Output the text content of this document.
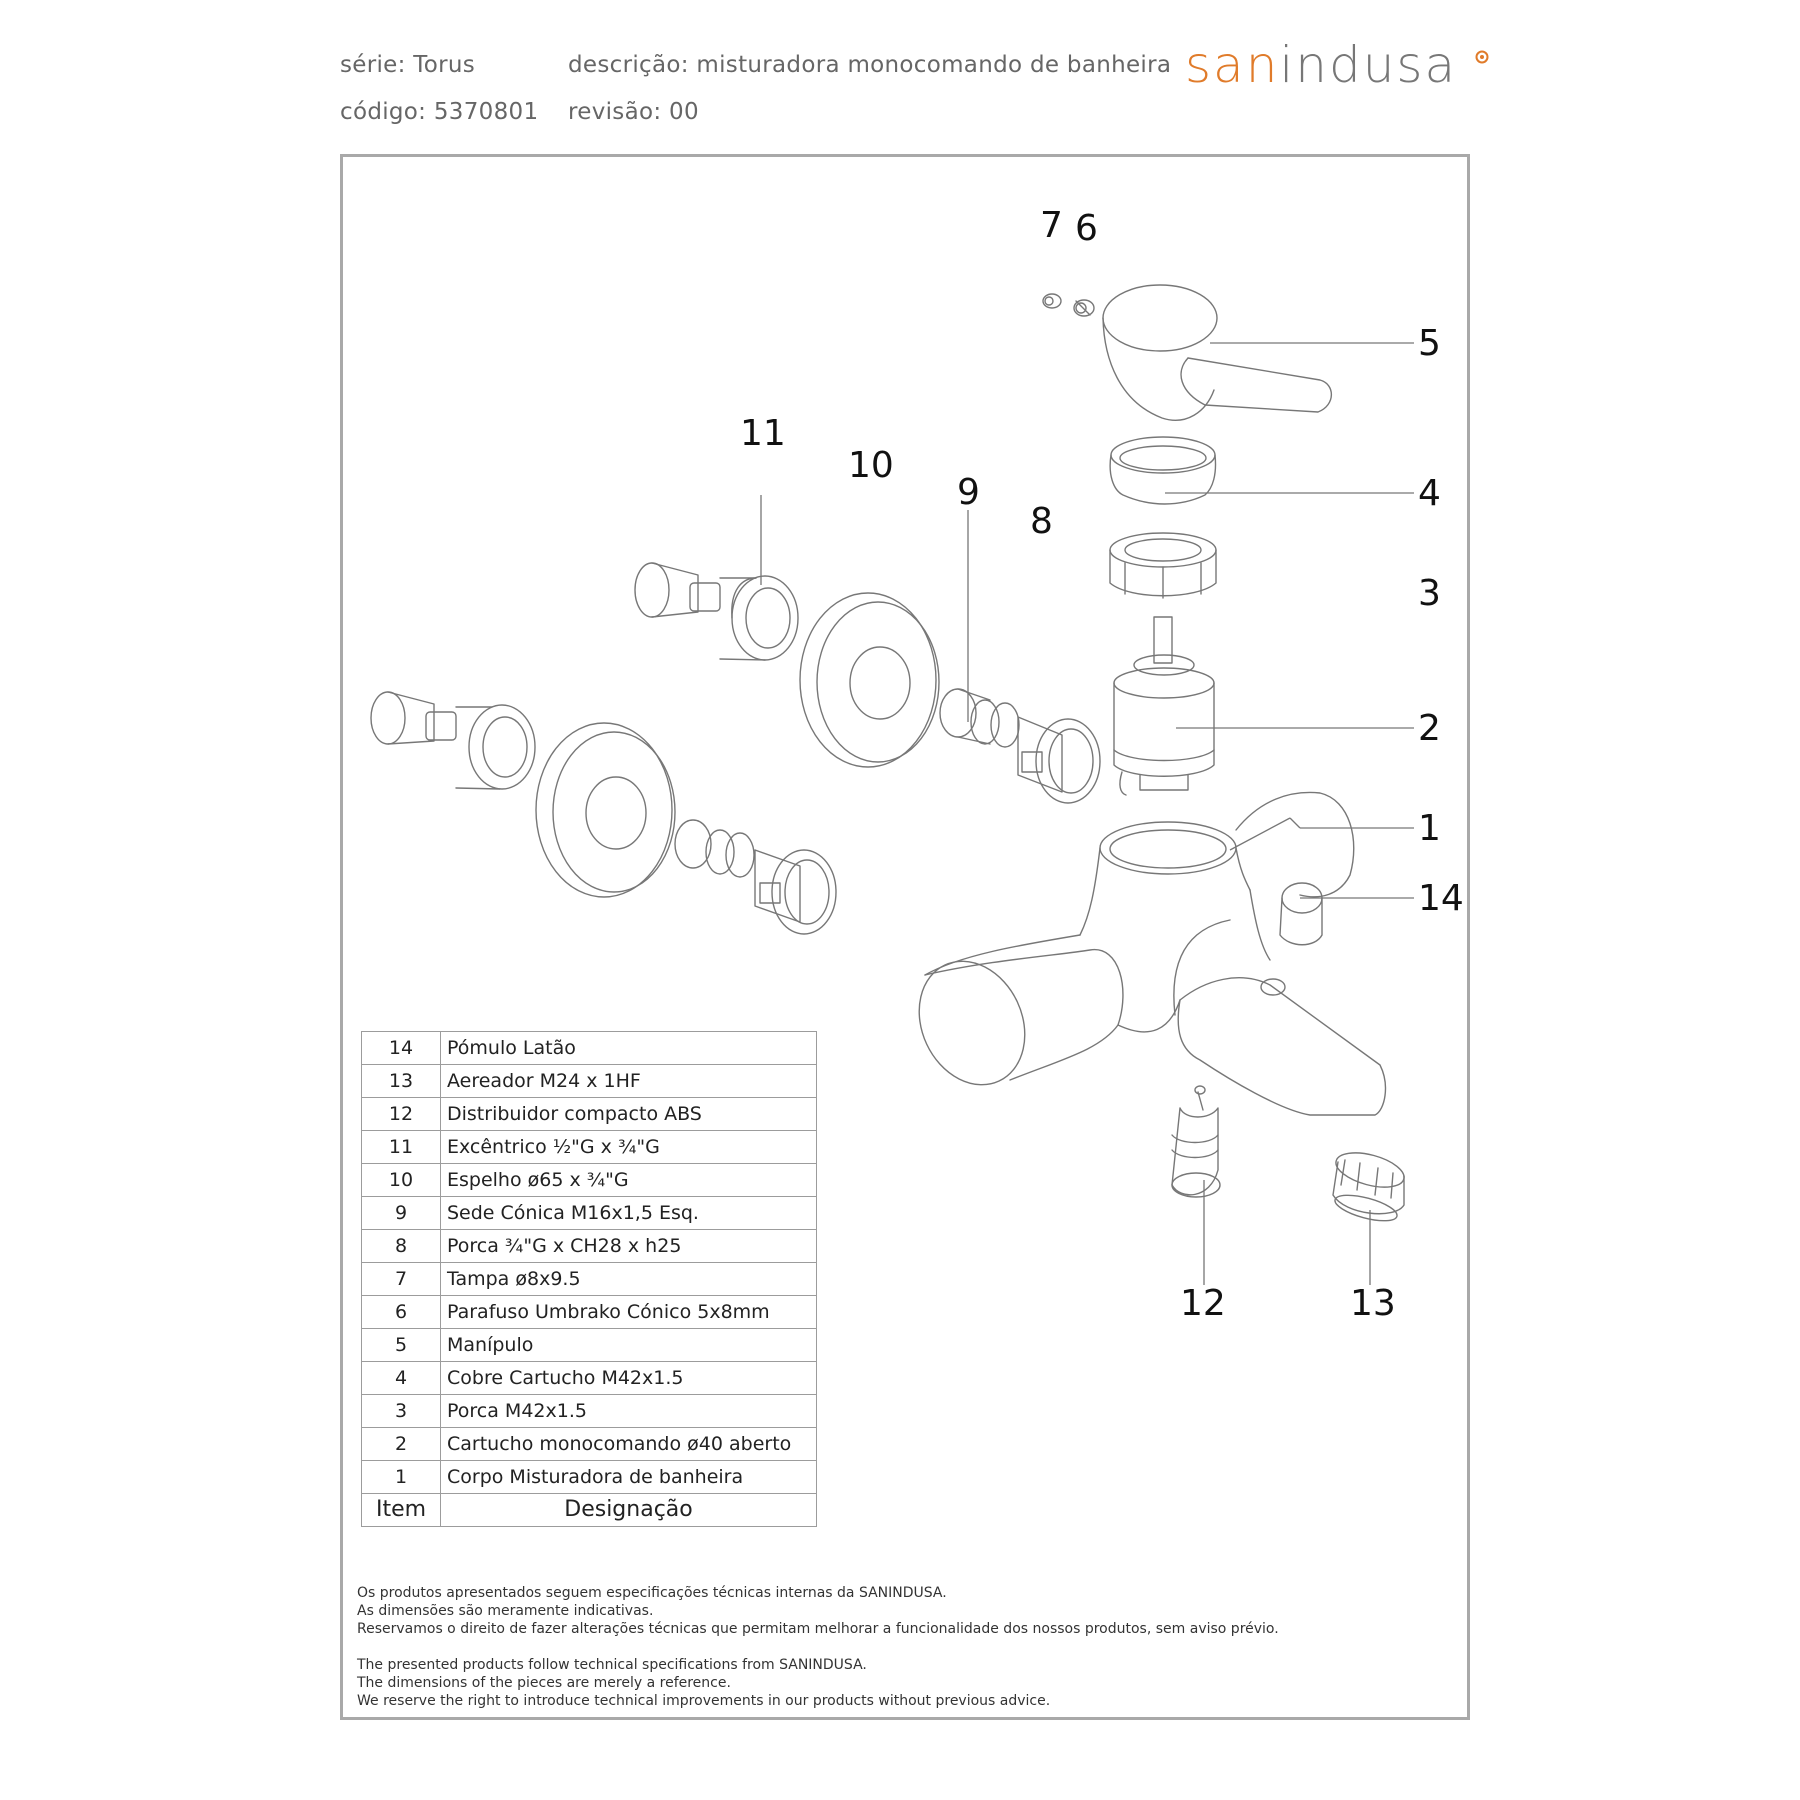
série: Torus	descrição: misturadora monocomando de banheira
código: 5370801 revisão: 00
sanindusa
7 6
5
11
10
9
8
4
3
2
1
14
12	13
14	Pómulo Latão
13	Aereador M24 x 1HF
12	Distribuidor compacto ABS
11	Excêntrico ½"G x ¾"G
10	Espelho ø65 x ¾"G
9	Sede Cónica M16x1,5 Esq.
8	Porca ¾"G x CH28 x h25
7	Tampa ø8x9.5
6	Parafuso Umbrako Cónico 5x8mm
5	Manípulo
4	Cobre Cartucho M42x1.5
3	Porca M42x1.5
2	Cartucho monocomando ø40 aberto
1	Corpo Misturadora de banheira
Item	Designação
Os produtos apresentados seguem especificações técnicas internas da SANINDUSA.
As dimensões são meramente indicativas.
Reservamos o direito de fazer alterações técnicas que permitam melhorar a funcionalidade dos nossos produtos, sem aviso prévio.
The presented products follow technical specifications from SANINDUSA.
The dimensions of the pieces are merely a reference.
We reserve the right to introduce technical improvements in our products without previous advice.
